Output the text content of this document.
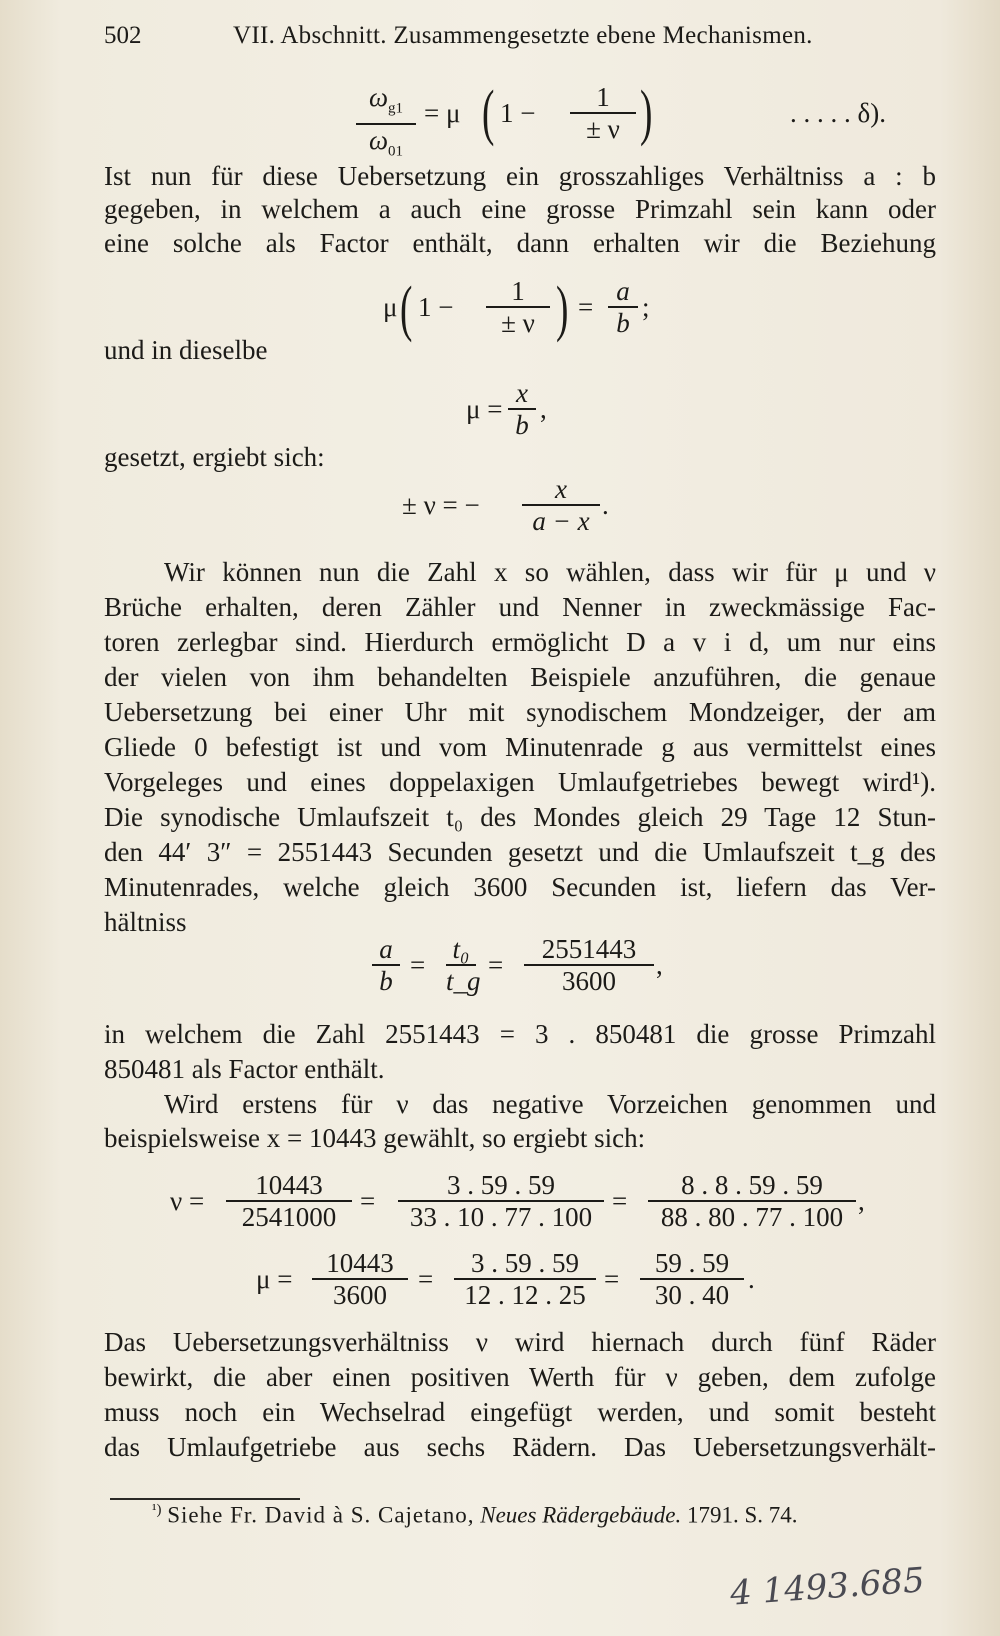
502	VII. Abschnitt. Zusammengesetzte ebene Mechanismen.
$\frac{\omega_{g1}}{\omega_{01}} = \mu$ ( $1 - \frac{1}{\pm \nu}$ )	. . . . . δ).
Ist nun für diese Uebersetzung ein grosszahliges Verhältniss a : b
gegeben, in welchem a auch eine grosse Primzahl sein kann oder
eine solche als Factor enthält, dann erhalten wir die Beziehung
μ ( $1 - \frac{1}{\pm \nu}$ ) = $\frac{a}{b}$ ;
und in dieselbe
$\mu = \frac{x}{b}$ ,
gesetzt, ergiebt sich:
± ν = − $\frac{x}{a - x}$ .
Wir können nun die Zahl x so wählen, dass wir für μ und ν
Brüche erhalten, deren Zähler und Nenner in zweckmässige Fac-
toren zerlegbar sind. Hierdurch ermöglicht D a v i d, um nur eins
der vielen von ihm behandelten Beispiele anzuführen, die genaue
Uebersetzung bei einer Uhr mit synodischem Mondzeiger, der am
Gliede 0 befestigt ist und vom Minutenrade g aus vermittelst eines
Vorgeleges und eines doppelaxigen Umlaufgetriebes bewegt wird¹).
Die synodische Umlaufszeit t₀ des Mondes gleich 29 Tage 12 Stun-
den 44′ 3″ = 2551443 Secunden gesetzt und die Umlaufszeit t_g des
Minutenrades, welche gleich 3600 Secunden ist, liefern das Ver-
hältniss
$\frac{a}{b} = \frac{\text{t₀}}{t\_g} = \frac{2551443}{3600}$ ,
in welchem die Zahl 2551443 = 3 . 850481 die grosse Primzahl
850481 als Factor enthält.
Wird erstens für ν das negative Vorzeichen genommen und
beispielsweise x = 10443 gewählt, so ergiebt sich:
$\nu = \frac{10443}{2541000} = \frac{3 . 59 . 59}{33 . 10 . 77 . 100} = \frac{8 . 8 . 59 . 59}{88 . 80 . 77 . 100}$ ,
$\mu = \frac{10443}{3600} = \frac{3 . 59 . 59}{12 . 12 . 25} = \frac{59 . 59}{30 . 40}$ .
Das Uebersetzungsverhältniss ν wird hiernach durch fünf Räder
bewirkt, die aber einen positiven Werth für ν geben, dem zufolge
muss noch ein Wechselrad eingefügt werden, und somit besteht
das Umlaufgetriebe aus sechs Rädern. Das Uebersetzungsverhält-
$^{^1)}$ Siehe Fr. David à S. Cajetano, Neues Rädergebäude. 1791. S. 74.
4 1493.685
